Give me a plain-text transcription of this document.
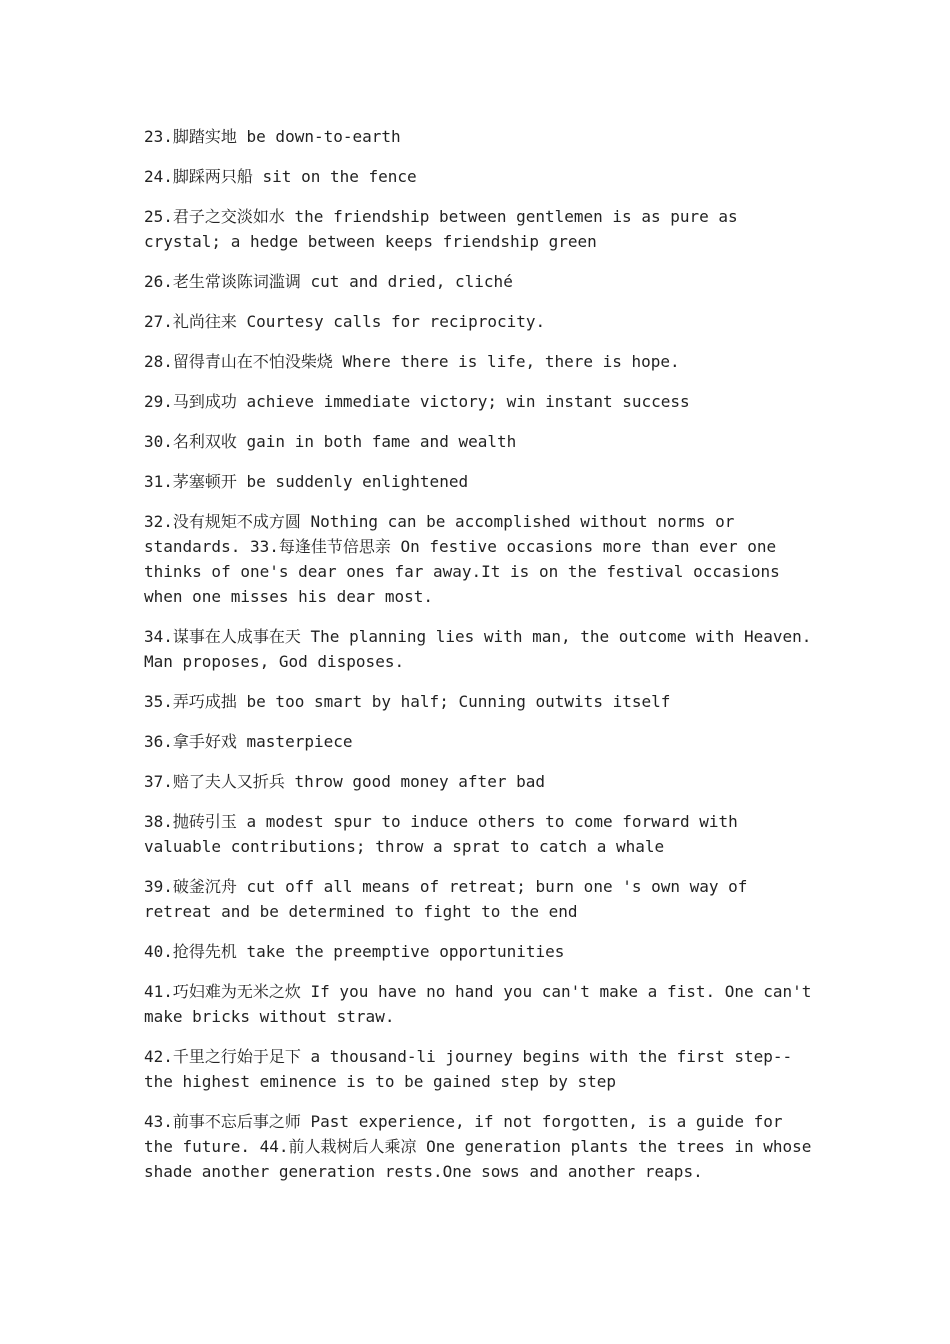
23.脚踏实地 be down-to-earth

24.脚踩两只船 sit on the fence

25.君子之交淡如水 the friendship between gentlemen is as pure as crystal; a hedge between keeps friendship green

26.老生常谈陈词滥调 cut and dried, cliché

27.礼尚往来 Courtesy calls for reciprocity.

28.留得青山在不怕没柴烧 Where there is life, there is hope.

29.马到成功 achieve immediate victory; win instant success

30.名利双收 gain in both fame and wealth

31.茅塞顿开 be suddenly enlightened

32.没有规矩不成方圆 Nothing can be accomplished without norms or standards. 33.每逢佳节倍思亲 On festive occasions more than ever one thinks of one's dear ones far away.It is on the festival occasions when one misses his dear most.

34.谋事在人成事在天 The planning lies with man, the outcome with Heaven. Man proposes, God disposes.

35.弄巧成拙 be too smart by half; Cunning outwits itself

36.拿手好戏 masterpiece

37.赔了夫人又折兵 throw good money after bad

38.抛砖引玉 a modest spur to induce others to come forward with valuable contributions; throw a sprat to catch a whale

39.破釜沉舟 cut off all means of retreat; burn one 's own way of retreat and be determined to fight to the end

40.抢得先机 take the preemptive opportunities

41.巧妇难为无米之炊 If you have no hand you can't make a fist. One can't make bricks without straw.

42.千里之行始于足下 a thousand-li journey begins with the first step--the highest eminence is to be gained step by step

43.前事不忘后事之师 Past experience, if not forgotten, is a guide for the future. 44.前人栽树后人乘凉 One generation plants the trees in whose shade another generation rests.One sows and another reaps.
